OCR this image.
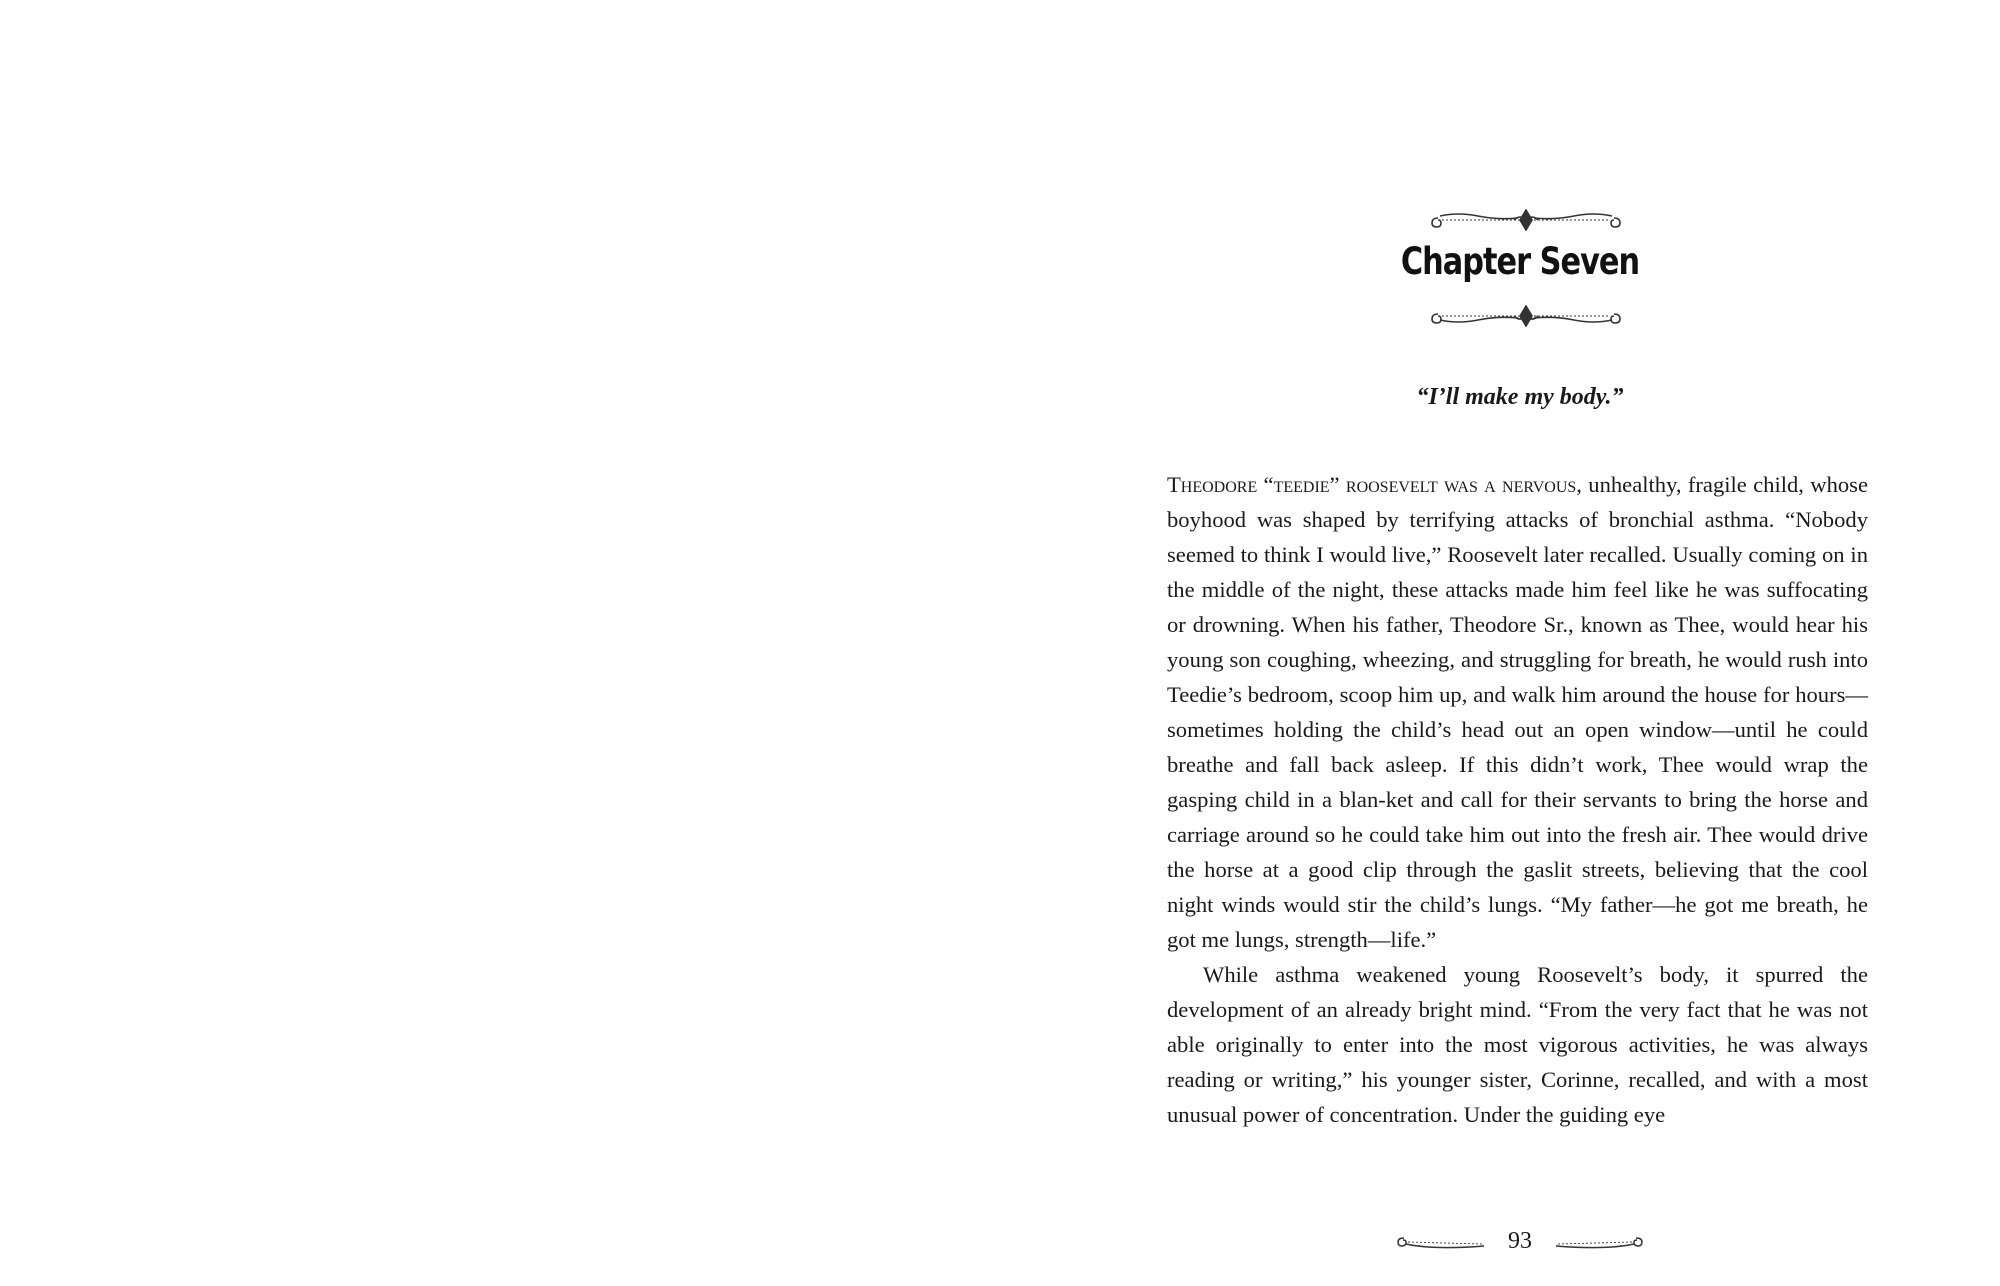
Chapter Seven
“I’ll make my body.”

Theodore “teedie” roosevelt was a nervous, unhealthy, fragile child, whose boyhood was shaped by terrifying attacks of bronchial asthma. “Nobody seemed to think I would live,” Roosevelt later recalled. Usually coming on in the middle of the night, these attacks made him feel like he was suffocating or drowning. When his father, Theodore Sr., known as Thee, would hear his young son coughing, wheezing, and struggling for breath, he would rush into Teedie’s bedroom, scoop him up, and walk him around the house for hours—sometimes holding the child’s head out an open window—until he could breathe and fall back asleep. If this didn’t work, Thee would wrap the gasping child in a blan-ket and call for their servants to bring the horse and carriage around so he could take him out into the fresh air. Thee would drive the horse at a good clip through the gaslit streets, believing that the cool night winds would stir the child’s lungs. “My father—he got me breath, he got me lungs, strength—life.”

While asthma weakened young Roosevelt’s body, it spurred the development of an already bright mind. “From the very fact that he was not able originally to enter into the most vigorous activities, he was always reading or writing,” his younger sister, Corinne, recalled, and with a most unusual power of concentration. Under the guiding eye

93
